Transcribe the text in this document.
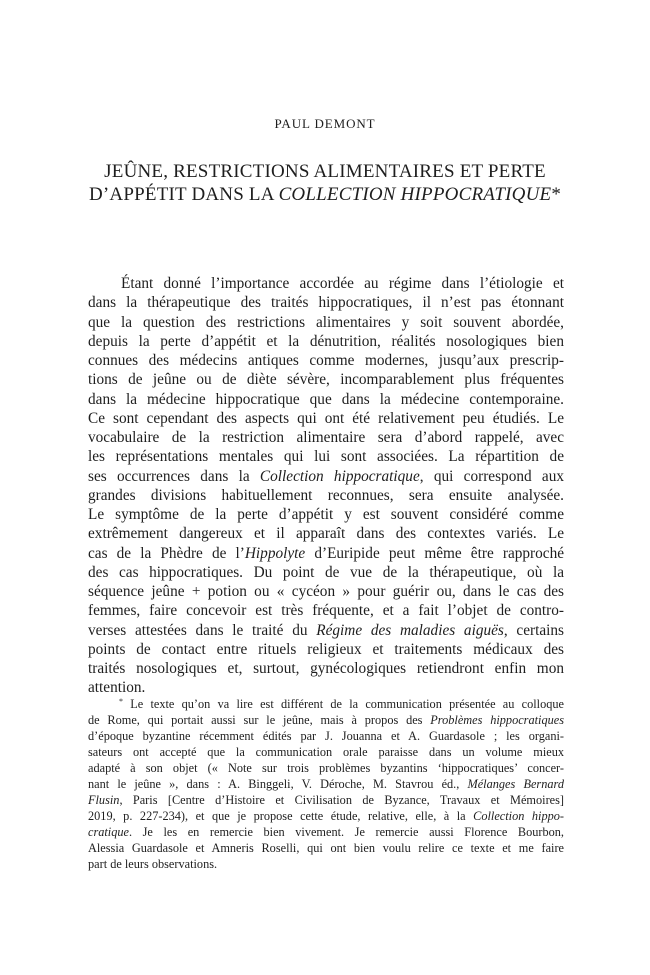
PAUL DEMONT
JEÛNE, RESTRICTIONS ALIMENTAIRES ET PERTE
D’APPÉTIT DANS LA COLLECTION HIPPOCRATIQUE*
Étant donné l’importance accordée au régime dans l’étiologie et
dans la thérapeutique des traités hippocratiques, il n’est pas étonnant
que la question des restrictions alimentaires y soit souvent abordée,
depuis la perte d’appétit et la dénutrition, réalités nosologiques bien
connues des médecins antiques comme modernes, jusqu’aux prescrip-
tions de jeûne ou de diète sévère, incomparablement plus fréquentes
dans la médecine hippocratique que dans la médecine contemporaine.
Ce sont cependant des aspects qui ont été relativement peu étudiés. Le
vocabulaire de la restriction alimentaire sera d’abord rappelé, avec
les représentations mentales qui lui sont associées. La répartition de
ses occurrences dans la Collection hippocratique, qui correspond aux
grandes divisions habituellement reconnues, sera ensuite analysée.
Le symptôme de la perte d’appétit y est souvent considéré comme
extrêmement dangereux et il apparaît dans des contextes variés. Le
cas de la Phèdre de l’Hippolyte d’Euripide peut même être rapproché
des cas hippocratiques. Du point de vue de la thérapeutique, où la
séquence jeûne + potion ou « cycéon » pour guérir ou, dans le cas des
femmes, faire concevoir est très fréquente, et a fait l’objet de contro-
verses attestées dans le traité du Régime des maladies aiguës, certains
points de contact entre rituels religieux et traitements médicaux des
traités nosologiques et, surtout, gynécologiques retiendront enfin mon
attention.
* Le texte qu’on va lire est différent de la communication présentée au colloque
de Rome, qui portait aussi sur le jeûne, mais à propos des Problèmes hippocratiques
d’époque byzantine récemment édités par J. Jouanna et A. Guardasole ; les organi-
sateurs ont accepté que la communication orale paraisse dans un volume mieux
adapté à son objet (« Note sur trois problèmes byzantins ‘hippocratiques’ concer-
nant le jeûne », dans : A. Binggeli, V. Déroche, M. Stavrou éd., Mélanges Bernard
Flusin, Paris [Centre d’Histoire et Civilisation de Byzance, Travaux et Mémoires]
2019, p. 227-234), et que je propose cette étude, relative, elle, à la Collection hippo-
cratique. Je les en remercie bien vivement. Je remercie aussi Florence Bourbon,
Alessia Guardasole et Amneris Roselli, qui ont bien voulu relire ce texte et me faire
part de leurs observations.
